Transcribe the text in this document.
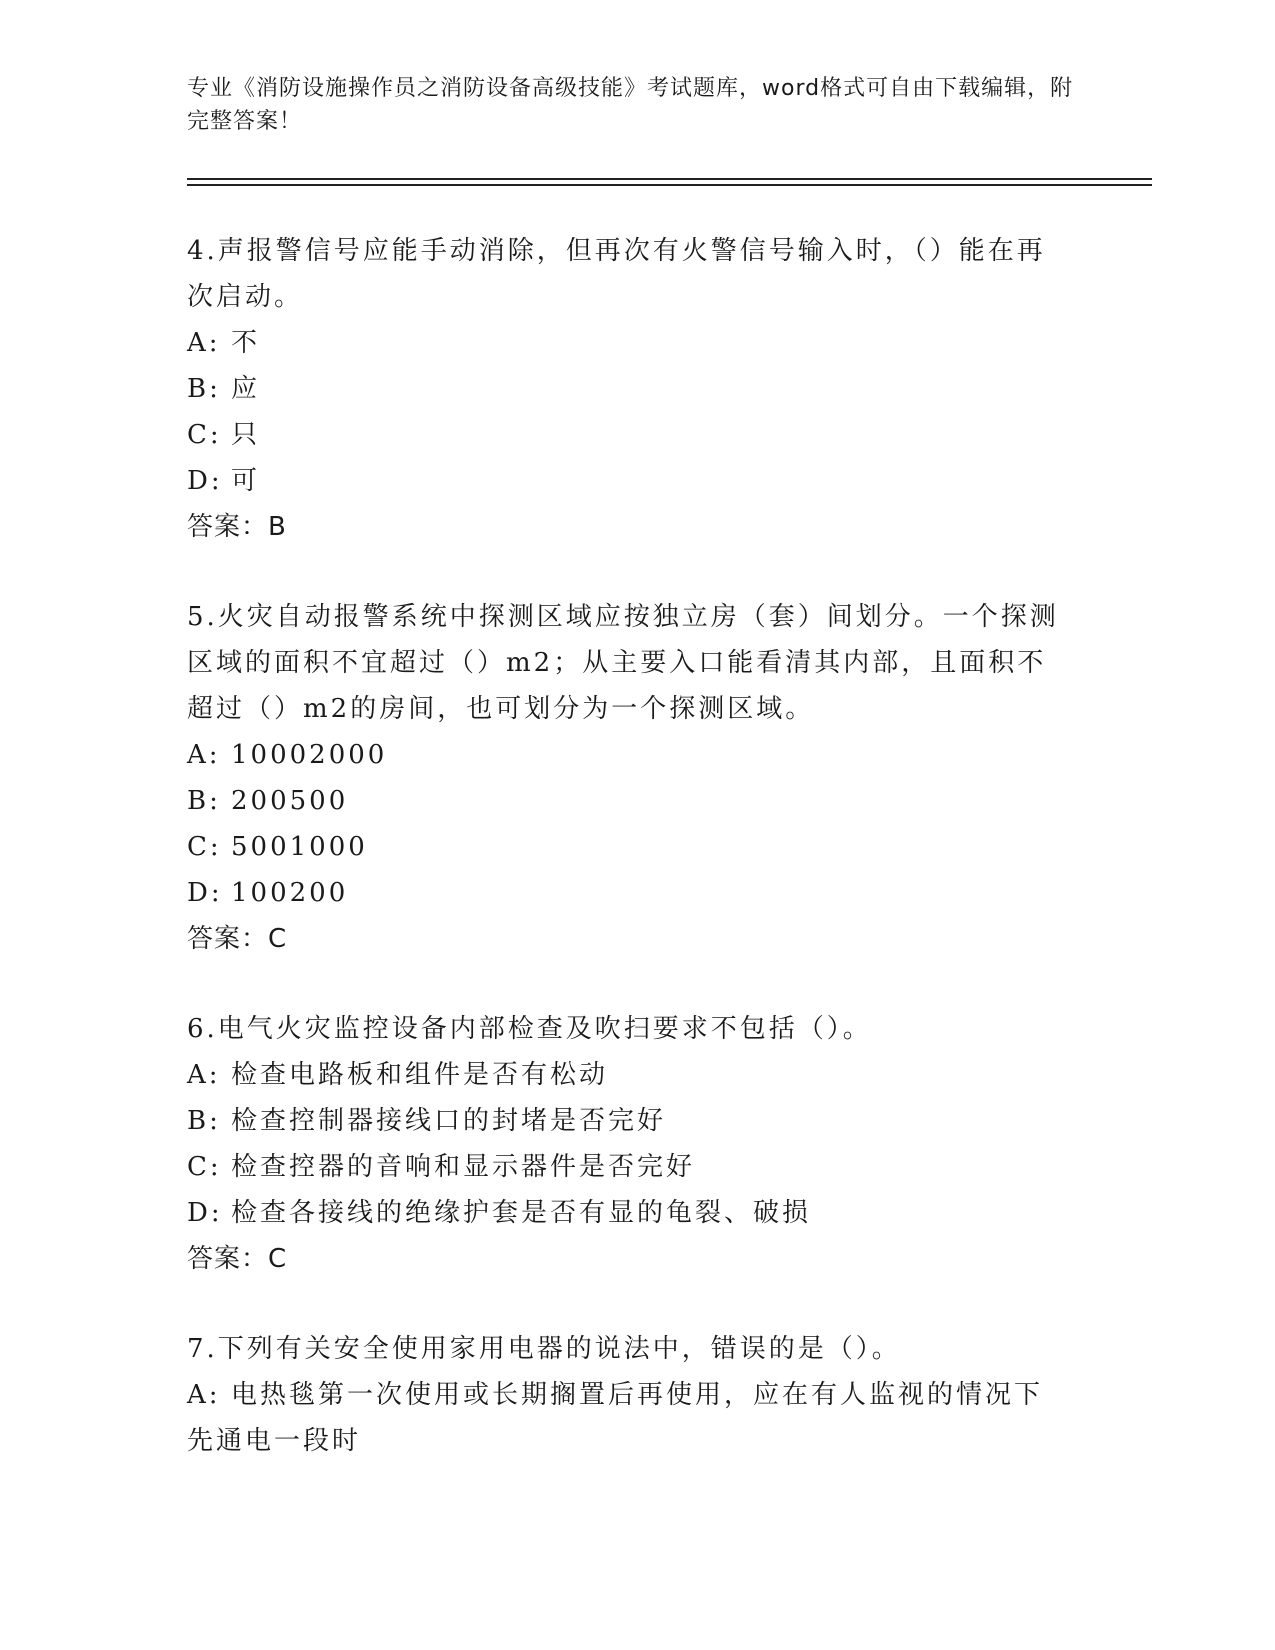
专业《消防设施操作员之消防设备高级技能》考试题库，word格式可自由下载编辑，附完整答案！
4.声报警信号应能手动消除，但再次有火警信号输入时，（）能在再次启动。
A: 不
B: 应
C: 只
D: 可
答案：B
5.火灾自动报警系统中探测区域应按独立房（套）间划分。一个探测区域的面积不宜超过（）m2；从主要入口能看清其内部，且面积不超过（）m2的房间，也可划分为一个探测区域。
A: 10002000
B: 200500
C: 5001000
D: 100200
答案：C
6.电气火灾监控设备内部检查及吹扫要求不包括（）。
A: 检查电路板和组件是否有松动
B: 检查控制器接线口的封堵是否完好
C: 检查控器的音响和显示器件是否完好
D: 检查各接线的绝缘护套是否有显的龟裂、破损
答案：C
7.下列有关安全使用家用电器的说法中，错误的是（）。
A: 电热毯第一次使用或长期搁置后再使用，应在有人监视的情况下先通电一段时
